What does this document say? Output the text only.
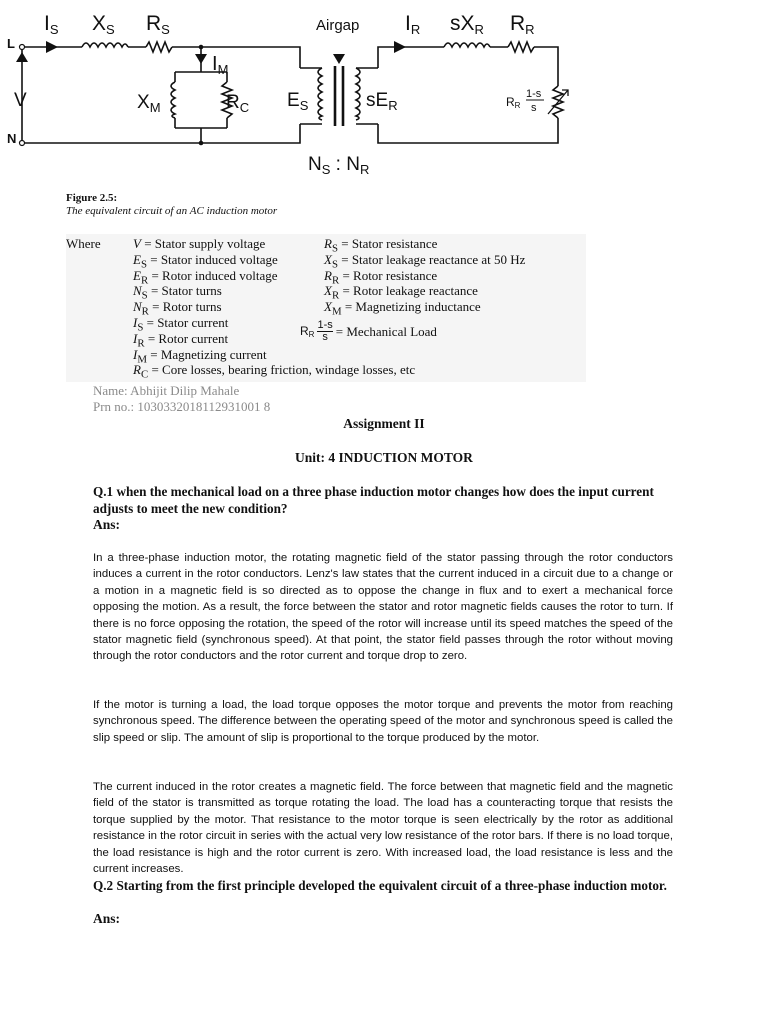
IS XS RS	Airgap IR sXR RR
L
V
N
$I_M$
$X_M$	$R_C$ $E_S$	$sE_R$	RR
1-s
s
$N_S$ : $N_R$
Figure 2.5:
The equivalent circuit of an AC induction motor
Where V = Stator supply voltage
$E_S$ = Stator induced voltage
$E_R$ = Rotor induced voltage
$N_S$ = Stator turns
$N_R$ = Rotor turns
$I_S$ = Stator current
$I_R$ = Rotor current
$I_M$ = Magnetizing current
$R_C$ = Core losses, bearing friction, windage losses, etc
$R_S$ = Stator resistance
$X_S$ = Stator leakage reactance at 50 Hz
$R_R$ = Rotor resistance
$X_R$ = Rotor leakage reactance
$X_M$ = Magnetizing inductance
R R $\frac{1-s}{s}$ = Mechanical Load
Name: Abhijit Dilip Mahale
Prn no.: 1030332018112931001 8
Assignment II
Unit: 4 INDUCTION MOTOR
Q.1 when the mechanical load on a three phase induction motor changes how does the input current adjusts to meet the new condition?
Ans:
In a three-phase induction motor, the rotating magnetic field of the stator passing through the rotor conductors induces a current in the rotor conductors. Lenz's law states that the current induced in a circuit due to a change or a motion in a magnetic field is so directed as to oppose the change in flux and to exert a mechanical force opposing the motion. As a result, the force between the stator and rotor magnetic fields causes the rotor to turn. If there is no force opposing the rotation, the speed of the rotor will increase until its speed matches the speed of the stator magnetic field (synchronous speed). At that point, the stator field passes through the rotor without moving through the rotor conductors and the rotor current and torque drop to zero.
If the motor is turning a load, the load torque opposes the motor torque and prevents the motor from reaching synchronous speed. The difference between the operating speed of the motor and synchronous speed is called the slip speed or slip. The amount of slip is proportional to the torque produced by the motor.
The current induced in the rotor creates a magnetic field. The force between that magnetic field and the magnetic field of the stator is transmitted as torque rotating the load. The load has a counteracting torque that resists the torque supplied by the motor. That resistance to the motor torque is seen electrically by the rotor as additional resistance in the rotor circuit in series with the actual very low resistance of the rotor bars. If there is no load torque, the load resistance is high and the rotor current is zero. With increased load, the load resistance is less and the current increases.
Q.2 Starting from the first principle developed the equivalent circuit of a three-phase induction motor.
Ans:
